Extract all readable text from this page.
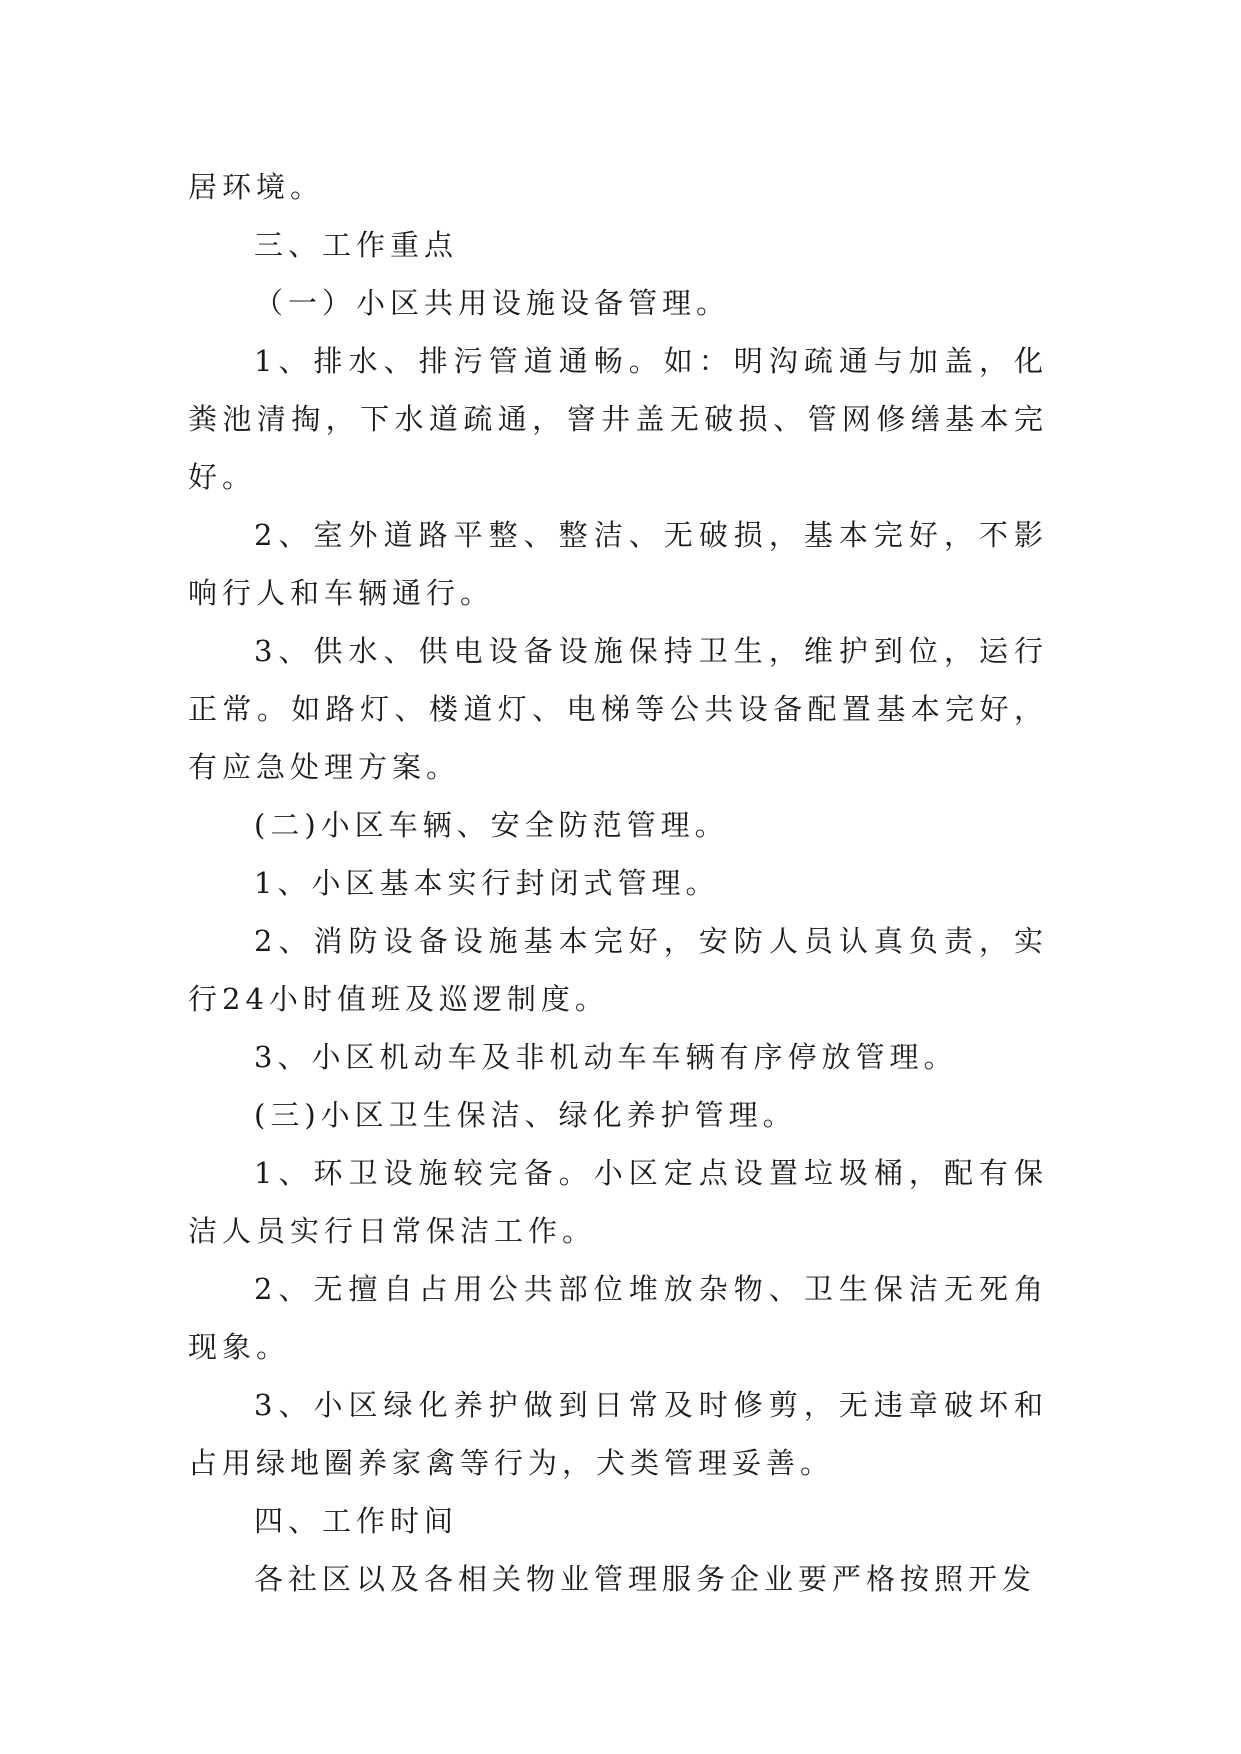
居环境。

三、工作重点

（一）小区共用设施设备管理。

1、排水、排污管道通畅。如：明沟疏通与加盖，化粪池清掏，下水道疏通，窨井盖无破损、管网修缮基本完好。

2、室外道路平整、整洁、无破损，基本完好，不影响行人和车辆通行。

3、供水、供电设备设施保持卫生，维护到位，运行正常。如路灯、楼道灯、电梯等公共设备配置基本完好，有应急处理方案。

(二)小区车辆、安全防范管理。

1、小区基本实行封闭式管理。

2、消防设备设施基本完好，安防人员认真负责，实行24小时值班及巡逻制度。

3、小区机动车及非机动车车辆有序停放管理。

(三)小区卫生保洁、绿化养护管理。

1、环卫设施较完备。小区定点设置垃圾桶，配有保洁人员实行日常保洁工作。

2、无擅自占用公共部位堆放杂物、卫生保洁无死角现象。

3、小区绿化养护做到日常及时修剪，无违章破坏和占用绿地圈养家禽等行为，犬类管理妥善。

四、工作时间

各社区以及各相关物业管理服务企业要严格按照开发
